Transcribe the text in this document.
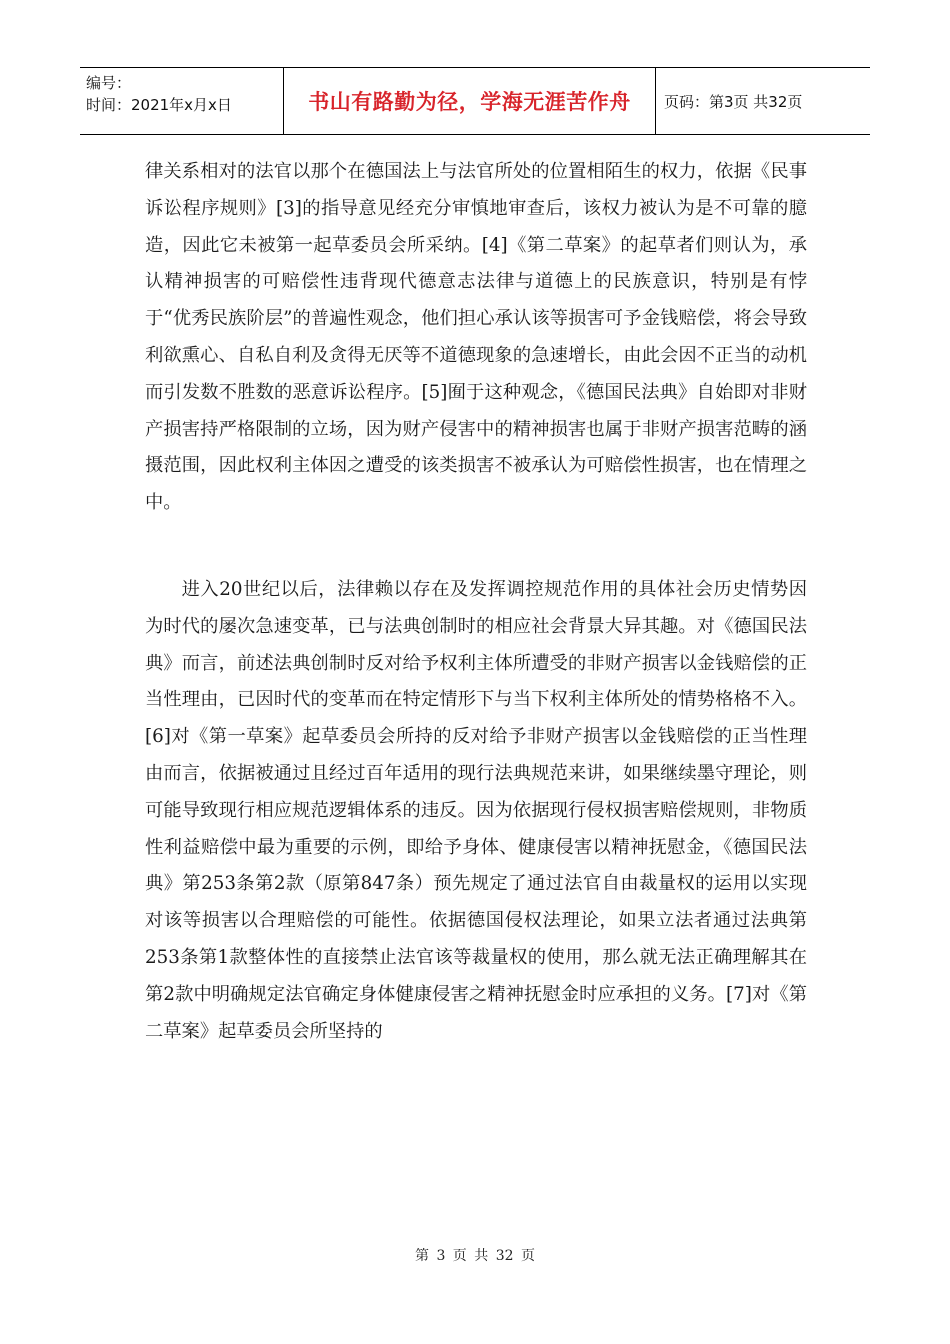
编号：
时间：2021年x月x日	书山有路勤为径，学海无涯苦作舟	页码：第3页 共32页

律关系相对的法官以那个在德国法上与法官所处的位置相陌生的权力，依据《民事诉讼程序规则》[3]的指导意见经充分审慎地审查后，该权力被认为是不可靠的臆造，因此它未被第一起草委员会所采纳。[4]《第二草案》的起草者们则认为，承认精神损害的可赔偿性违背现代德意志法律与道德上的民族意识，特别是有悖于“优秀民族阶层”的普遍性观念，他们担心承认该等损害可予金钱赔偿，将会导致利欲熏心、自私自利及贪得无厌等不道德现象的急速增长，由此会因不正当的动机而引发数不胜数的恶意诉讼程序。[5]囿于这种观念，《德国民法典》自始即对非财产损害持严格限制的立场，因为财产侵害中的精神损害也属于非财产损害范畴的涵摄范围，因此权利主体因之遭受的该类损害不被承认为可赔偿性损害，也在情理之中。

进入20世纪以后，法律赖以存在及发挥调控规范作用的具体社会历史情势因为时代的屡次急速变革，已与法典创制时的相应社会背景大异其趣。对《德国民法典》而言，前述法典创制时反对给予权利主体所遭受的非财产损害以金钱赔偿的正当性理由，已因时代的变革而在特定情形下与当下权利主体所处的情势格格不入。[6]对《第一草案》起草委员会所持的反对给予非财产损害以金钱赔偿的正当性理由而言，依据被通过且经过百年适用的现行法典规范来讲，如果继续墨守理论，则可能导致现行相应规范逻辑体系的违反。因为依据现行侵权损害赔偿规则，非物质性利益赔偿中最为重要的示例，即给予身体、健康侵害以精神抚慰金，《德国民法典》第253条第2款（原第847条）预先规定了通过法官自由裁量权的运用以实现对该等损害以合理赔偿的可能性。依据德国侵权法理论，如果立法者通过法典第253条第1款整体性的直接禁止法官该等裁量权的使用，那么就无法正确理解其在第2款中明确规定法官确定身体健康侵害之精神抚慰金时应承担的义务。[7]对《第二草案》起草委员会所坚持的

第 3 页 共 32 页
